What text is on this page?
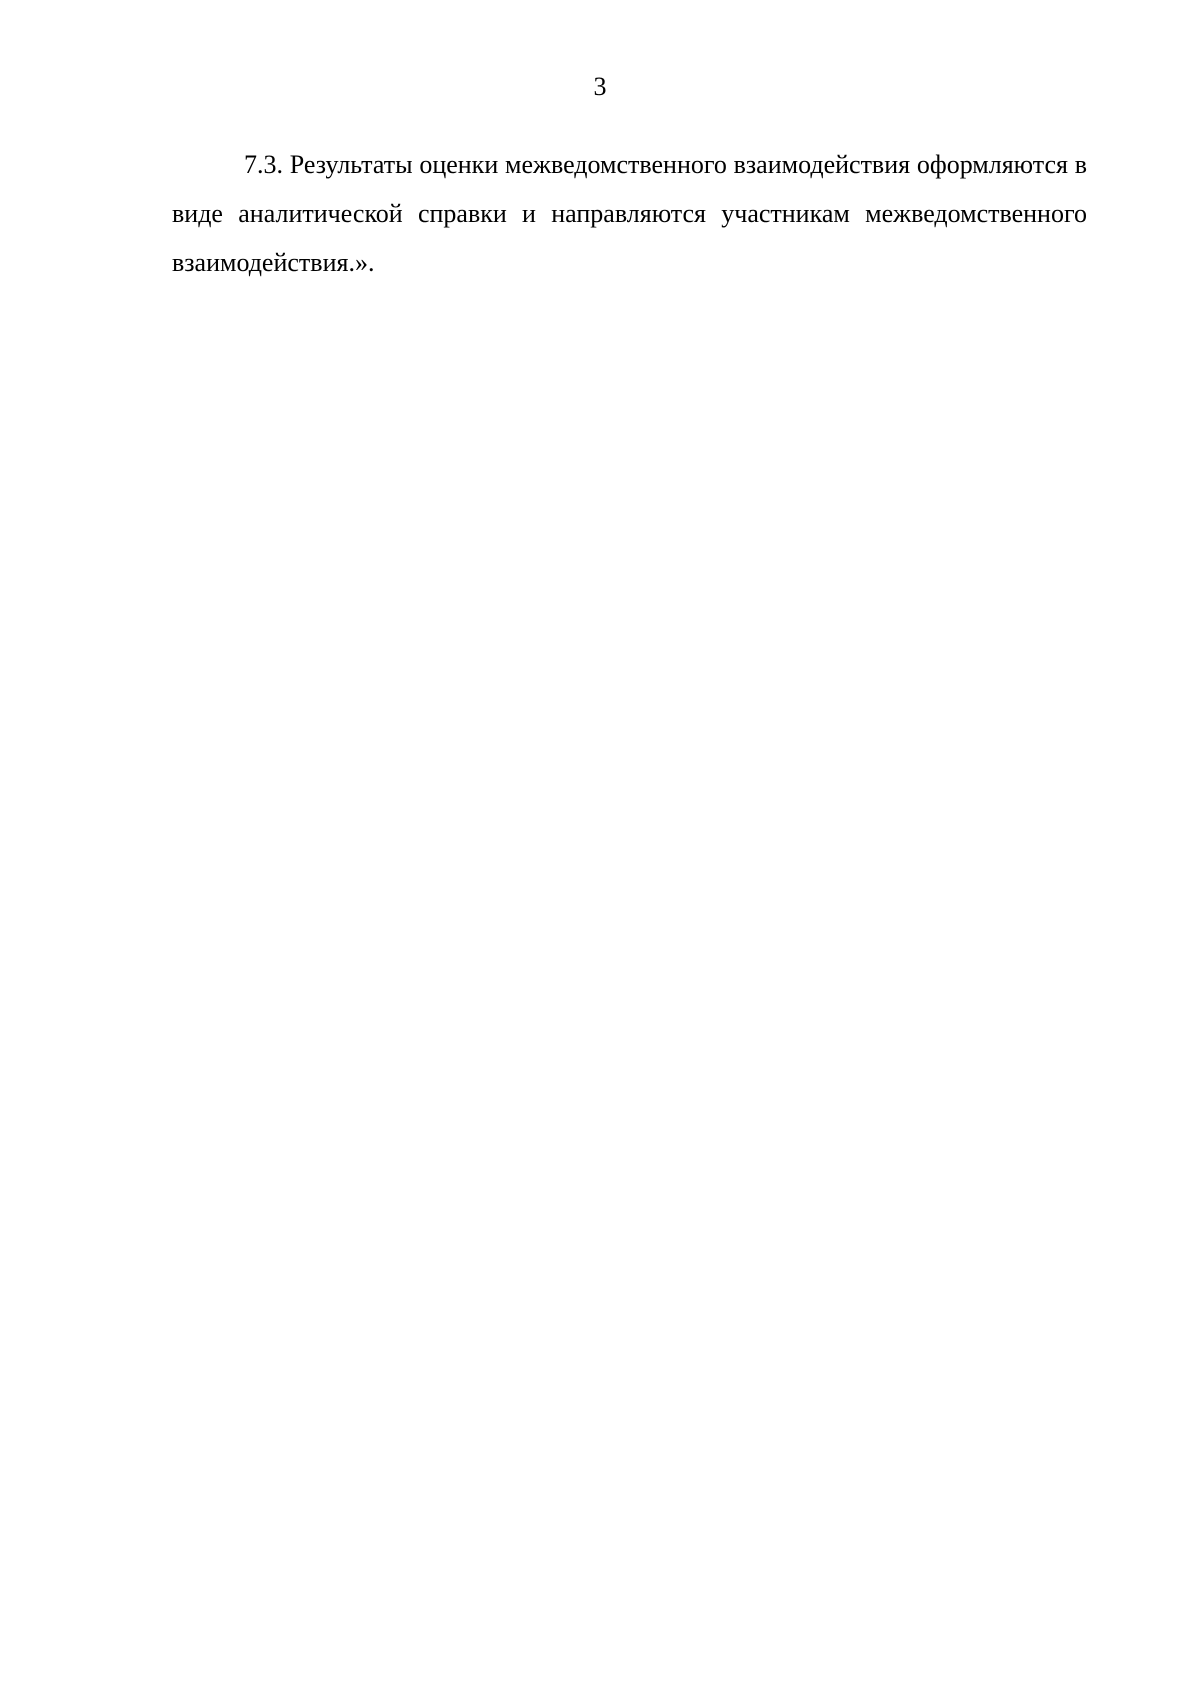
3

7.3. Результаты оценки межведомственного взаимодействия оформляются в виде аналитической справки и направляются участникам межведомственного взаимодействия.».
